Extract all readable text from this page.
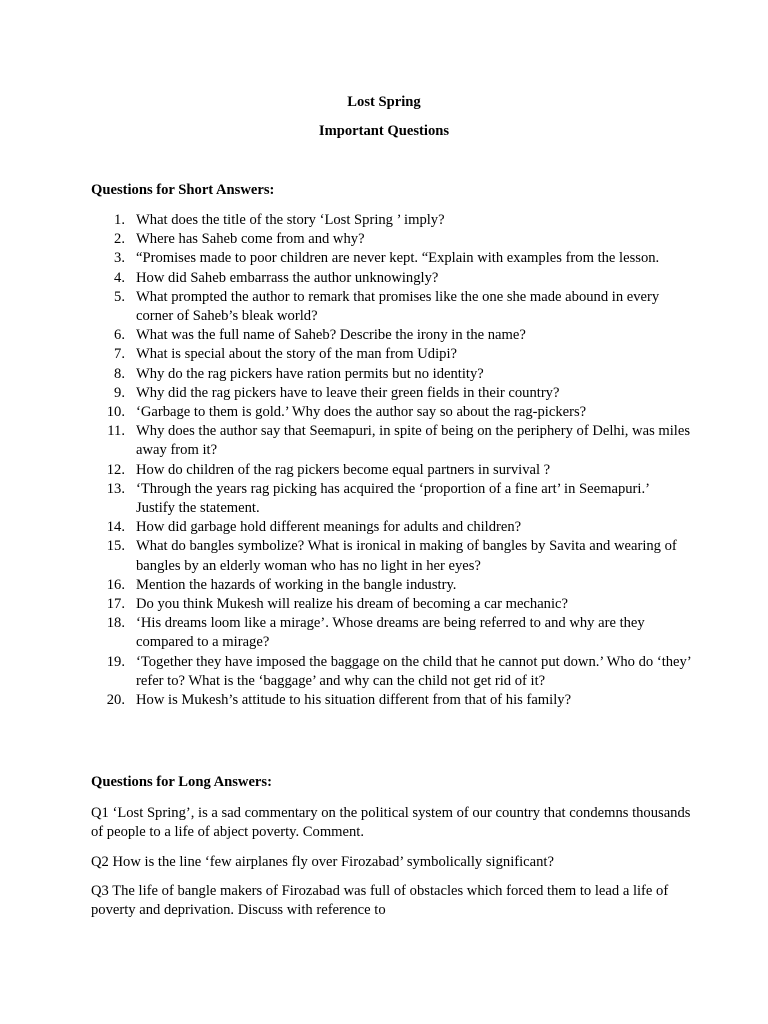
Lost Spring
Important Questions
Questions for Short Answers:
1. What does the title of the story ‘Lost Spring ’ imply?
2. Where has Saheb come from and why?
3. “Promises made to poor children are never kept. “Explain with examples from the lesson.
4. How did Saheb embarrass the author unknowingly?
5. What prompted the author to remark that promises like the one she made abound in every corner of Saheb’s bleak world?
6. What was the full name of Saheb? Describe the irony in the name?
7. What is special about the story of the man from Udipi?
8. Why do the rag pickers have ration permits but no identity?
9. Why did the rag pickers have to leave their green fields in their country?
10. ‘Garbage to them is gold.’ Why does the author say so about the rag-pickers?
11. Why does the author say that Seemapuri, in spite of being on the periphery of Delhi, was miles away from it?
12. How do children of the rag pickers become equal partners in survival ?
13. ‘Through the years rag picking has acquired the ‘proportion of a fine art’ in Seemapuri.’ Justify the statement.
14. How did garbage hold different meanings for adults and children?
15. What do bangles symbolize? What is ironical in making of bangles by Savita and wearing of bangles by an elderly woman who has no light in her eyes?
16. Mention the hazards of working in the bangle industry.
17. Do you think Mukesh will realize his dream of becoming a car mechanic?
18. ‘His dreams loom like a mirage’. Whose dreams are being referred to and why are they compared to a mirage?
19. ‘Together they have imposed the baggage on the child that he cannot put down.’ Who do ‘they’ refer to? What is the ‘baggage’ and why can the child not get rid of it?
20. How is Mukesh’s attitude to his situation different from that of his family?
Questions for Long Answers:

Q1 ‘Lost Spring’, is a sad commentary on the political system of our country that condemns thousands of people to a life of abject poverty. Comment.

Q2 How is the line ‘few airplanes fly over Firozabad’ symbolically significant?

Q3 The life of bangle makers of Firozabad was full of obstacles which forced them to lead a life of poverty and deprivation. Discuss with reference to
